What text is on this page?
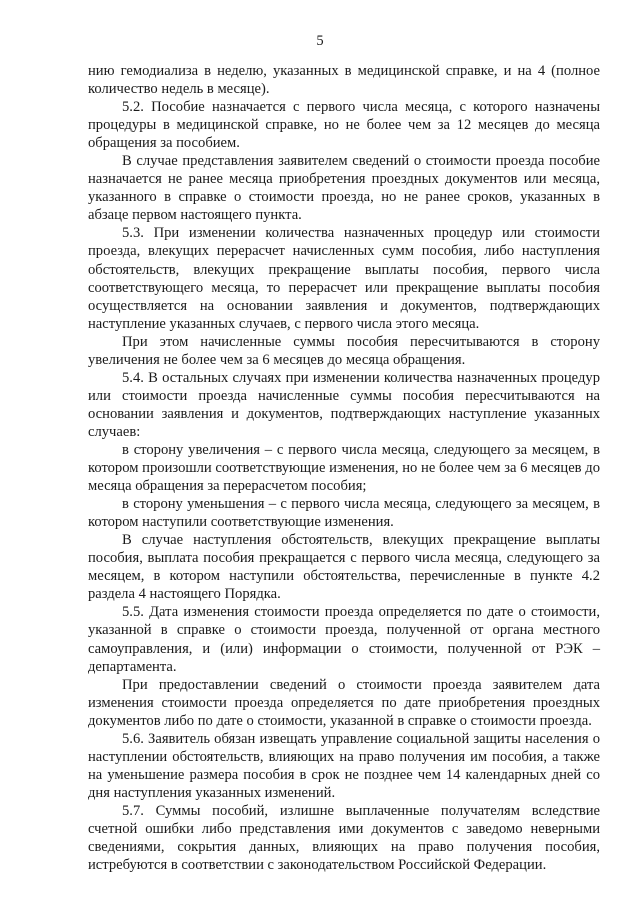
5

нию гемодиализа в неделю, указанных в медицинской справке, и на 4 (полное количество недель в месяце).

5.2. Пособие назначается с первого числа месяца, с которого назначены процедуры в медицинской справке, но не более чем за 12 месяцев до месяца обращения за пособием.

В случае представления заявителем сведений о стоимости проезда пособие назначается не ранее месяца приобретения проездных документов или месяца, указанного в справке о стоимости проезда, но не ранее сроков, указанных в абзаце первом настоящего пункта.

5.3. При изменении количества назначенных процедур или стоимости проезда, влекущих перерасчет начисленных сумм пособия, либо наступления обстоятельств, влекущих прекращение выплаты пособия, первого числа соответствующего месяца, то перерасчет или прекращение выплаты пособия осуществляется на основании заявления и документов, подтверждающих наступление указанных случаев, с первого числа этого месяца.

При этом начисленные суммы пособия пересчитываются в сторону увеличения не более чем за 6 месяцев до месяца обращения.

5.4. В остальных случаях при изменении количества назначенных процедур или стоимости проезда начисленные суммы пособия пересчитываются на основании заявления и документов, подтверждающих наступление указанных случаев:

в сторону увеличения – с первого числа месяца, следующего за месяцем, в котором произошли соответствующие изменения, но не более чем за 6 месяцев до месяца обращения за перерасчетом пособия;

в сторону уменьшения – с первого числа месяца, следующего за месяцем, в котором наступили соответствующие изменения.

В случае наступления обстоятельств, влекущих прекращение выплаты пособия, выплата пособия прекращается с первого числа месяца, следующего за месяцем, в котором наступили обстоятельства, перечисленные в пункте 4.2 раздела 4 настоящего Порядка.

5.5. Дата изменения стоимости проезда определяется по дате о стоимости, указанной в справке о стоимости проезда, полученной от органа местного самоуправления, и (или) информации о стоимости, полученной от РЭК – департамента.

При предоставлении сведений о стоимости проезда заявителем дата изменения стоимости проезда определяется по дате приобретения проездных документов либо по дате о стоимости, указанной в справке о стоимости проезда.

5.6. Заявитель обязан извещать управление социальной защиты населения о наступлении обстоятельств, влияющих на право получения им пособия, а также на уменьшение размера пособия в срок не позднее чем 14 календарных дней со дня наступления указанных изменений.

5.7. Суммы пособий, излишне выплаченные получателям вследствие счетной ошибки либо представления ими документов с заведомо неверными сведениями, сокрытия данных, влияющих на право получения пособия, истребуются в соответствии с законодательством Российской Федерации.
